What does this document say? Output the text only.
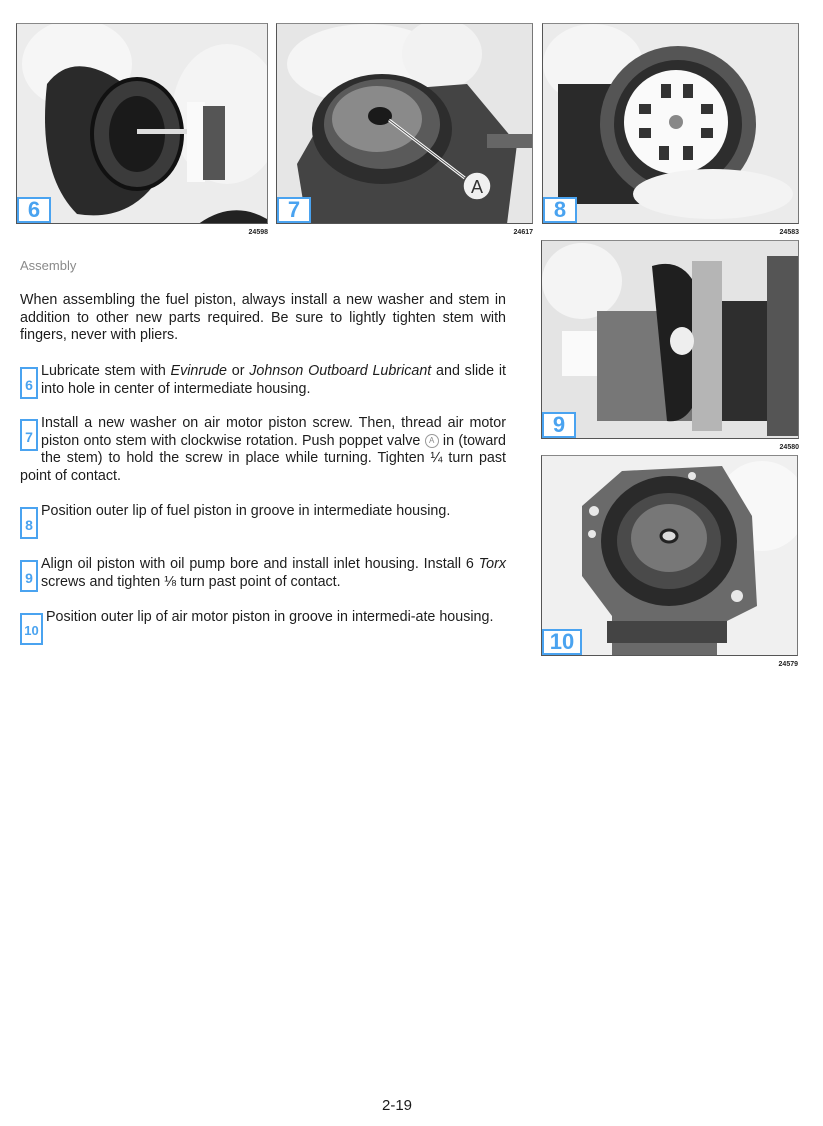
6
24598
A
7
24617
8
24583
9
24580
10
24579
Assembly
When assembling the fuel piston, always install a new washer and stem in addition to other new parts required. Be sure to lightly tighten stem with fingers, never with pliers.
6
Lubricate stem with Evinrude or Johnson Outboard Lubricant and slide it into hole in center of intermediate housing.
7
Install a new washer on air motor piston screw. Then, thread air motor piston onto stem with clockwise rotation. Push poppet valve A in (toward the stem) to hold the screw in place while turning. Tighten ¼ turn past point of contact.
8
Position outer lip of fuel piston in groove in intermediate housing.
9
Align oil piston with oil pump bore and install inlet housing. Install 6 Torx screws and tighten ⅛ turn past point of contact.
10
Position outer lip of air motor piston in groove in intermedi-ate housing.
2-19
